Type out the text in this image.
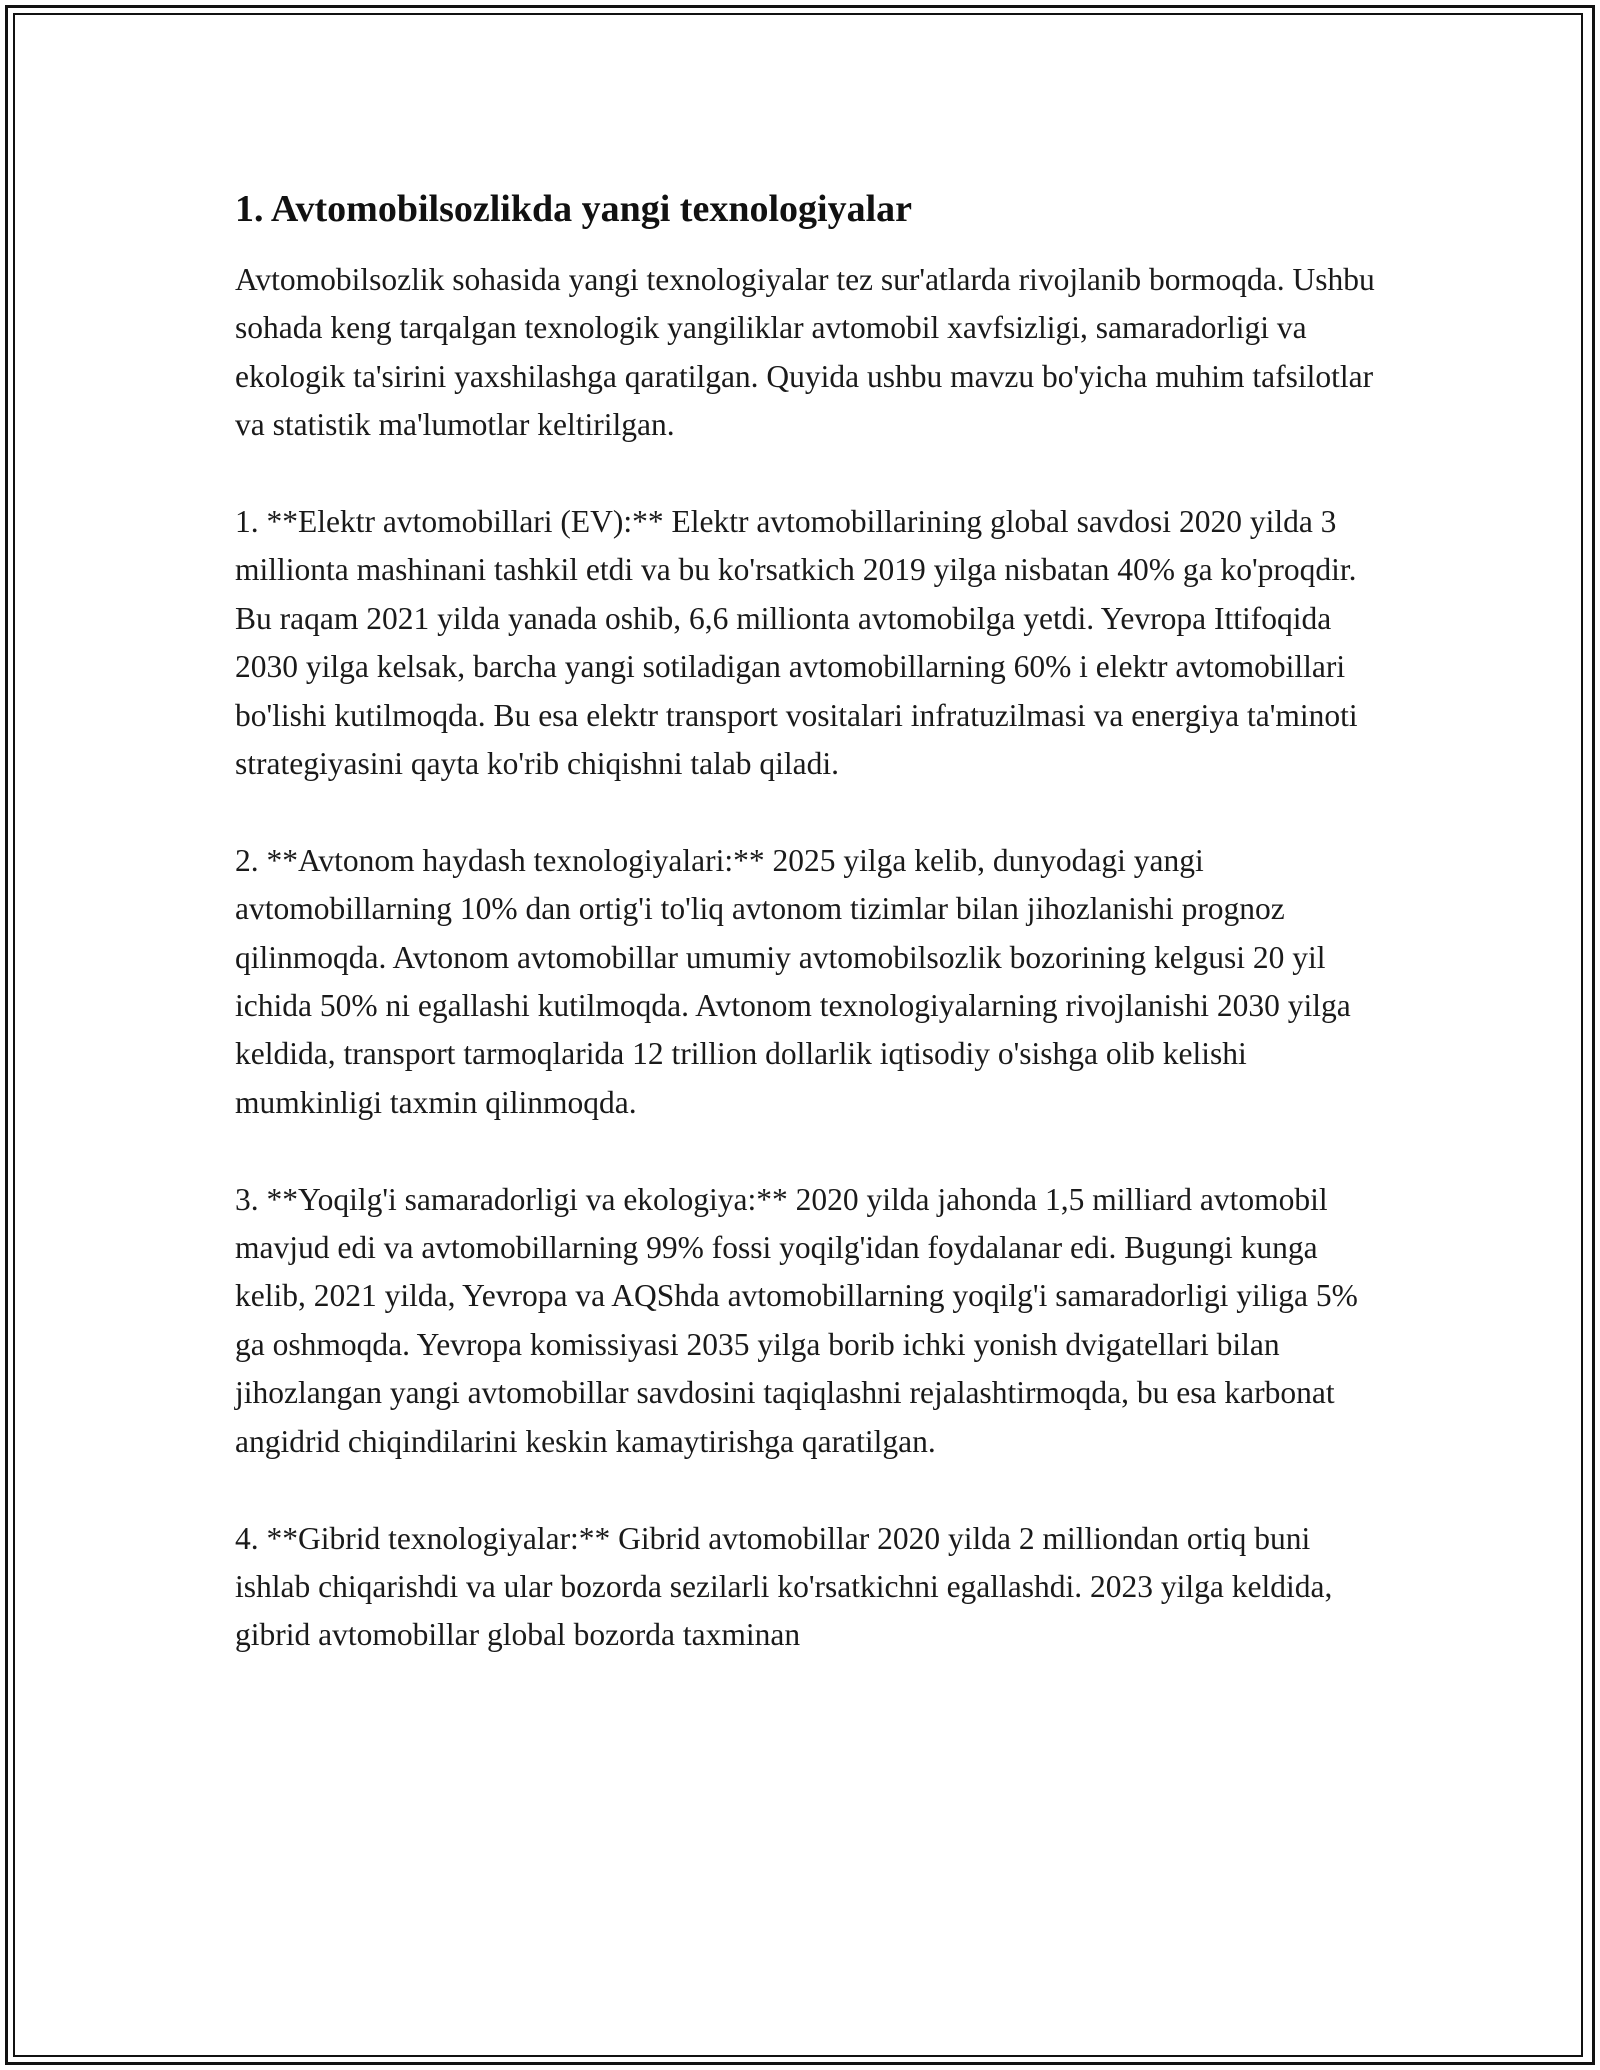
1. Avtomobilsozlikda yangi texnologiyalar

Avtomobilsozlik sohasida yangi texnologiyalar tez sur'atlarda rivojlanib bormoqda. Ushbu sohada keng tarqalgan texnologik yangiliklar avtomobil xavfsizligi, samaradorligi va ekologik ta'sirini yaxshilashga qaratilgan. Quyida ushbu mavzu bo'yicha muhim tafsilotlar va statistik ma'lumotlar keltirilgan.

1. **Elektr avtomobillari (EV):** Elektr avtomobillarining global savdosi 2020 yilda 3 millionta mashinani tashkil etdi va bu ko'rsatkich 2019 yilga nisbatan 40% ga ko'proqdir. Bu raqam 2021 yilda yanada oshib, 6,6 millionta avtomobilga yetdi. Yevropa Ittifoqida 2030 yilga kelsak, barcha yangi sotiladigan avtomobillarning 60% i elektr avtomobillari bo'lishi kutilmoqda. Bu esa elektr transport vositalari infratuzilmasi va energiya ta'minoti strategiyasini qayta ko'rib chiqishni talab qiladi.

2. **Avtonom haydash texnologiyalari:** 2025 yilga kelib, dunyodagi yangi avtomobillarning 10% dan ortig'i to'liq avtonom tizimlar bilan jihozlanishi prognoz qilinmoqda. Avtonom avtomobillar umumiy avtomobilsozlik bozorining kelgusi 20 yil ichida 50% ni egallashi kutilmoqda. Avtonom texnologiyalarning rivojlanishi 2030 yilga keldida, transport tarmoqlarida 12 trillion dollarlik iqtisodiy o'sishga olib kelishi mumkinligi taxmin qilinmoqda.

3. **Yoqilg'i samaradorligi va ekologiya:** 2020 yilda jahonda 1,5 milliard avtomobil mavjud edi va avtomobillarning 99% fossi yoqilg'idan foydalanar edi. Bugungi kunga kelib, 2021 yilda, Yevropa va AQShda avtomobillarning yoqilg'i samaradorligi yiliga 5% ga oshmoqda. Yevropa komissiyasi 2035 yilga borib ichki yonish dvigatellari bilan jihozlangan yangi avtomobillar savdosini taqiqlashni rejalashtirmoqda, bu esa karbonat angidrid chiqindilarini keskin kamaytirishga qaratilgan.

4. **Gibrid texnologiyalar:** Gibrid avtomobillar 2020 yilda 2 milliondan ortiq buni ishlab chiqarishdi va ular bozorda sezilarli ko'rsatkichni egallashdi. 2023 yilga keldida, gibrid avtomobillar global bozorda taxminan
